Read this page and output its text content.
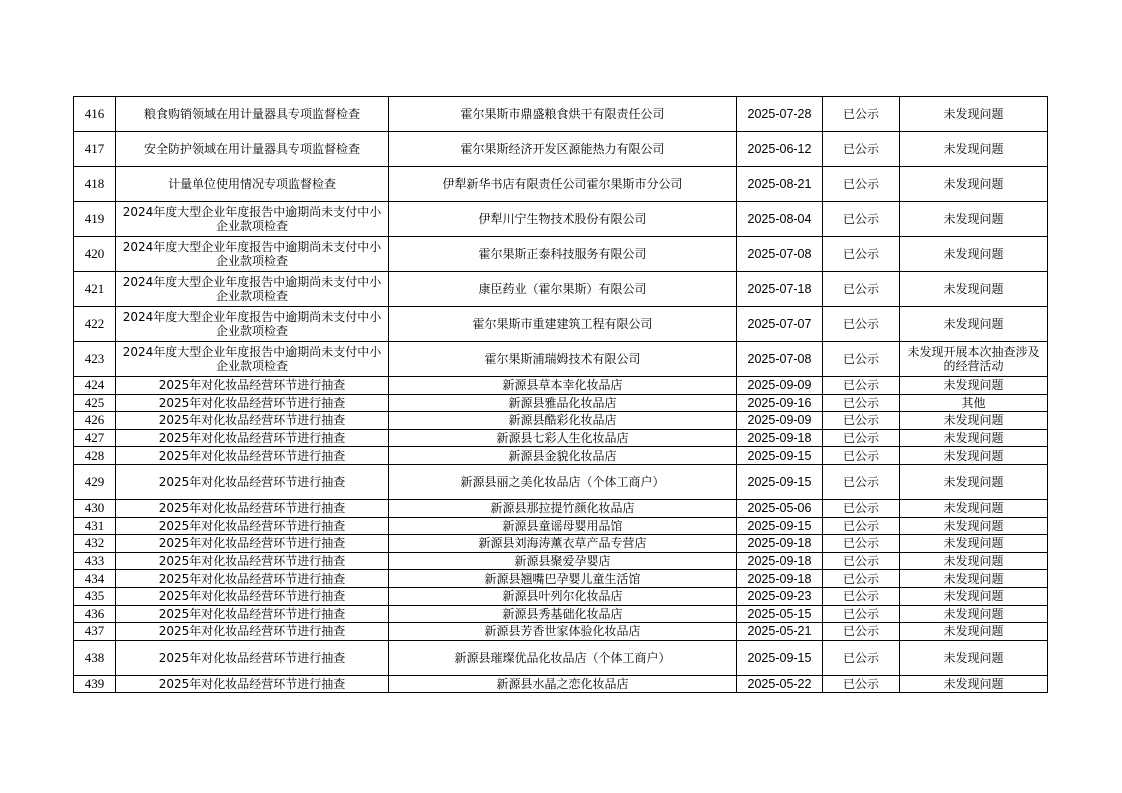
416	粮食购销领域在用计量器具专项监督检查	霍尔果斯市鼎盛粮食烘干有限责任公司	2025-07-28	已公示	未发现问题
417	安全防护领域在用计量器具专项监督检查	霍尔果斯经济开发区源能热力有限公司	2025-06-12	已公示	未发现问题
418	计量单位使用情况专项监督检查	伊犁新华书店有限责任公司霍尔果斯市分公司	2025-08-21	已公示	未发现问题
419	2024年度大型企业年度报告中逾期尚未支付中小企业款项检查	伊犁川宁生物技术股份有限公司	2025-08-04	已公示	未发现问题
420	2024年度大型企业年度报告中逾期尚未支付中小企业款项检查	霍尔果斯正泰科技服务有限公司	2025-07-08	已公示	未发现问题
421	2024年度大型企业年度报告中逾期尚未支付中小企业款项检查	康臣药业（霍尔果斯）有限公司	2025-07-18	已公示	未发现问题
422	2024年度大型企业年度报告中逾期尚未支付中小企业款项检查	霍尔果斯市重建建筑工程有限公司	2025-07-07	已公示	未发现问题
423	2024年度大型企业年度报告中逾期尚未支付中小企业款项检查	霍尔果斯浦瑞姆技术有限公司	2025-07-08	已公示	未发现开展本次抽查涉及的经营活动
424	2025年对化妆品经营环节进行抽查	新源县草本幸化妆品店	2025-09-09	已公示	未发现问题
425	2025年对化妆品经营环节进行抽查	新源县雅品化妆品店	2025-09-16	已公示	其他
426	2025年对化妆品经营环节进行抽查	新源县酷彩化妆品店	2025-09-09	已公示	未发现问题
427	2025年对化妆品经营环节进行抽查	新源县七彩人生化妆品店	2025-09-18	已公示	未发现问题
428	2025年对化妆品经营环节进行抽查	新源县金貌化妆品店	2025-09-15	已公示	未发现问题
429	2025年对化妆品经营环节进行抽查	新源县丽之美化妆品店（个体工商户）	2025-09-15	已公示	未发现问题
430	2025年对化妆品经营环节进行抽查	新源县那拉提竹颜化妆品店	2025-05-06	已公示	未发现问题
431	2025年对化妆品经营环节进行抽查	新源县童谣母婴用品馆	2025-09-15	已公示	未发现问题
432	2025年对化妆品经营环节进行抽查	新源县刘海涛薰衣草产品专营店	2025-09-18	已公示	未发现问题
433	2025年对化妆品经营环节进行抽查	新源县聚爱孕婴店	2025-09-18	已公示	未发现问题
434	2025年对化妆品经营环节进行抽查	新源县翘嘴巴孕婴儿童生活馆	2025-09-18	已公示	未发现问题
435	2025年对化妆品经营环节进行抽查	新源县叶列尔化妆品店	2025-09-23	已公示	未发现问题
436	2025年对化妆品经营环节进行抽查	新源县秀基础化妆品店	2025-05-15	已公示	未发现问题
437	2025年对化妆品经营环节进行抽查	新源县芳香世家体验化妆品店	2025-05-21	已公示	未发现问题
438	2025年对化妆品经营环节进行抽查	新源县璀璨优品化妆品店（个体工商户）	2025-09-15	已公示	未发现问题
439	2025年对化妆品经营环节进行抽查	新源县水晶之恋化妆品店	2025-05-22	已公示	未发现问题
